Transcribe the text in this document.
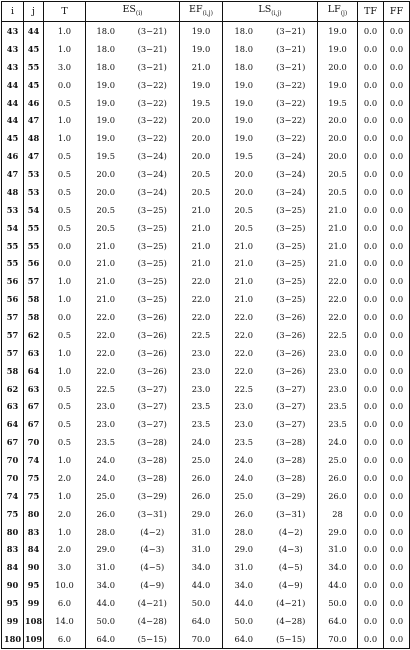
i	j	T	$ES_{(i)}$		$EF_{(i,j)}$	$LS_{(i,j)}$		$LF_{(j)}$	TF	FF
43	44	1.0	18.0	(3−21)	19.0	18.0	(3−21)	19.0	0.0	0.0
43	45	1.0	18.0	(3−21)	19.0	18.0	(3−21)	19.0	0.0	0.0
43	55	3.0	18.0	(3−21)	21.0	18.0	(3−21)	20.0	0.0	0.0
44	45	0.0	19.0	(3−22)	19.0	19.0	(3−22)	19.0	0.0	0.0
44	46	0.5	19.0	(3−22)	19.5	19.0	(3−22)	19.5	0.0	0.0
44	47	1.0	19.0	(3−22)	20.0	19.0	(3−22)	20.0	0.0	0.0
45	48	1.0	19.0	(3−22)	20.0	19.0	(3−22)	20.0	0.0	0.0
46	47	0.5	19.5	(3−24)	20.0	19.5	(3−24)	20.0	0.0	0.0
47	53	0.5	20.0	(3−24)	20.5	20.0	(3−24)	20.5	0.0	0.0
48	53	0.5	20.0	(3−24)	20.5	20.0	(3−24)	20.5	0.0	0.0
53	54	0.5	20.5	(3−25)	21.0	20.5	(3−25)	21.0	0.0	0.0
54	55	0.5	20.5	(3−25)	21.0	20.5	(3−25)	21.0	0.0	0.0
55	55	0.0	21.0	(3−25)	21.0	21.0	(3−25)	21.0	0.0	0.0
55	56	0.0	21.0	(3−25)	21.0	21.0	(3−25)	21.0	0.0	0.0
56	57	1.0	21.0	(3−25)	22.0	21.0	(3−25)	22.0	0.0	0.0
56	58	1.0	21.0	(3−25)	22.0	21.0	(3−25)	22.0	0.0	0.0
57	58	0.0	22.0	(3−26)	22.0	22.0	(3−26)	22.0	0.0	0.0
57	62	0.5	22.0	(3−26)	22.5	22.0	(3−26)	22.5	0.0	0.0
57	63	1.0	22.0	(3−26)	23.0	22.0	(3−26)	23.0	0.0	0.0
58	64	1.0	22.0	(3−26)	23.0	22.0	(3−26)	23.0	0.0	0.0
62	63	0.5	22.5	(3−27)	23.0	22.5	(3−27)	23.0	0.0	0.0
63	67	0.5	23.0	(3−27)	23.5	23.0	(3−27)	23.5	0.0	0.0
64	67	0.5	23.0	(3−27)	23.5	23.0	(3−27)	23.5	0.0	0.0
67	70	0.5	23.5	(3−28)	24.0	23.5	(3−28)	24.0	0.0	0.0
70	74	1.0	24.0	(3−28)	25.0	24.0	(3−28)	25.0	0.0	0.0
70	75	2.0	24.0	(3−28)	26.0	24.0	(3−28)	26.0	0.0	0.0
74	75	1.0	25.0	(3−29)	26.0	25.0	(3−29)	26.0	0.0	0.0
75	80	2.0	26.0	(3−31)	29.0	26.0	(3−31)	28	0.0	0.0
80	83	1.0	28.0	(4−2)	31.0	28.0	(4−2)	29.0	0.0	0.0
83	84	2.0	29.0	(4−3)	31.0	29.0	(4−3)	31.0	0.0	0.0
84	90	3.0	31.0	(4−5)	34.0	31.0	(4−5)	34.0	0.0	0.0
90	95	10.0	34.0	(4−9)	44.0	34.0	(4−9)	44.0	0.0	0.0
95	99	6.0	44.0	(4−21)	50.0	44.0	(4−21)	50.0	0.0	0.0
99	108	14.0	50.0	(4−28)	64.0	50.0	(4−28)	64.0	0.0	0.0
180	109	6.0	64.0	(5−15)	70.0	64.0	(5−15)	70.0	0.0	0.0
